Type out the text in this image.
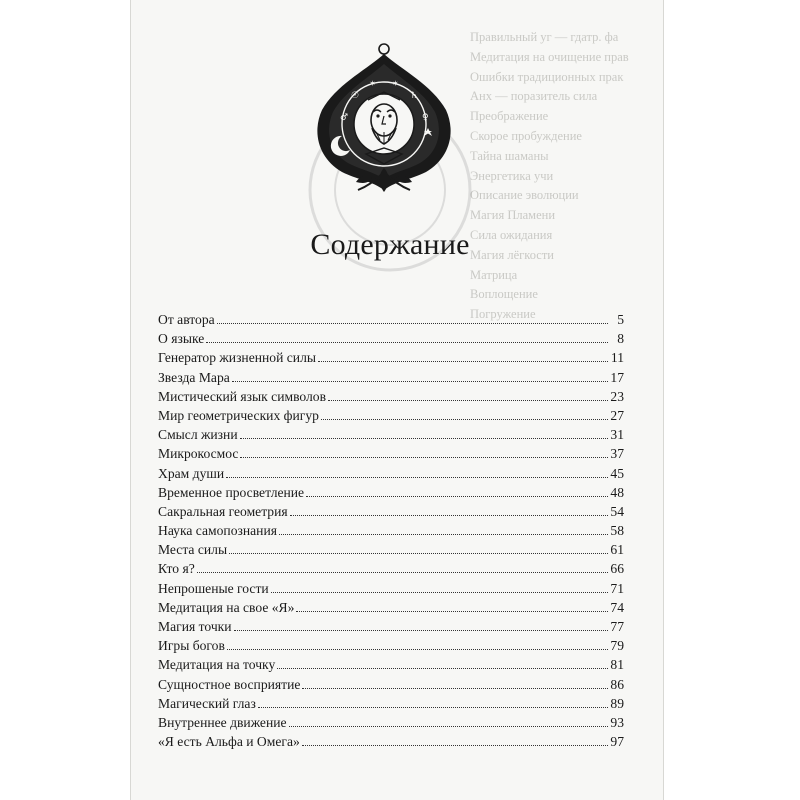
Правильный уг — гдатр. фа
Медитация на очищение прав
Ошибки традиционных прак
Анх — поразитель сила
Преображение
Скорое пробуждение
Тайна шаманы
Энергетика учи
Описание эволюции
Магия Пламени
Сила ожидания
Магия лёгкости
Матрица
Воплощение
Погружение
☉	♄
♂	♀
✶ ✶
Содержание
От автора	5
О языке	8
Генератор жизненной силы	11
Звезда Мара	17
Мистический язык символов	23
Мир геометрических фигур	27
Смысл жизни	31
Микрокосмос	37
Храм души	45
Временное просветление	48
Сакральная геометрия	54
Наука самопознания	58
Места силы	61
Кто я?	66
Непрошеные гости	71
Медитация на свое «Я»	74
Магия точки	77
Игры богов	79
Медитация на точку	81
Сущностное восприятие	86
Магический глаз	89
Внутреннее движение	93
«Я есть Альфа и Омега»	97
